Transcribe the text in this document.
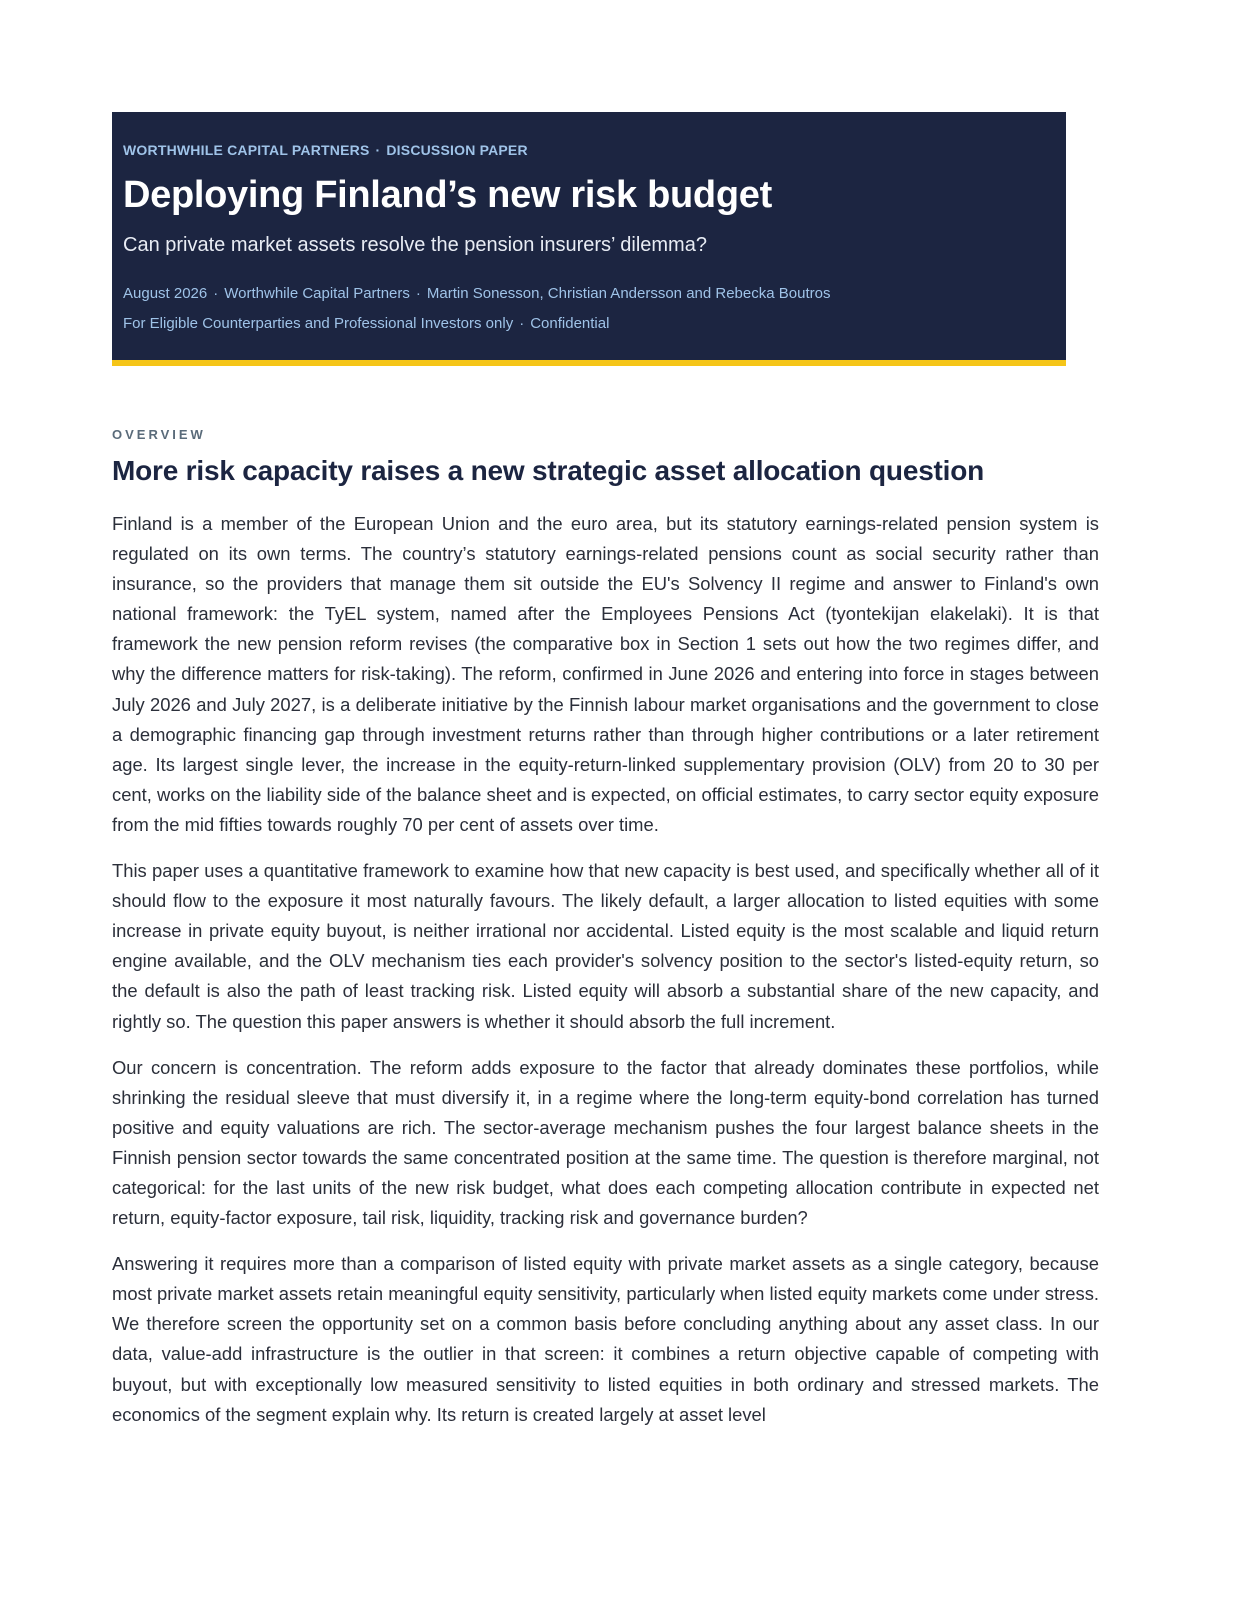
WORTHWHILE CAPITAL PARTNERS · DISCUSSION PAPER
Deploying Finland’s new risk budget
Can private market assets resolve the pension insurers’ dilemma?
August 2026 · Worthwhile Capital Partners · Martin Sonesson, Christian Andersson and Rebecka Boutros
For Eligible Counterparties and Professional Investors only · Confidential
OVERVIEW
More risk capacity raises a new strategic asset allocation question

Finland is a member of the European Union and the euro area, but its statutory earnings-related pension system is regulated on its own terms. The country’s statutory earnings-related pensions count as social security rather than insurance, so the providers that manage them sit outside the EU's Solvency II regime and answer to Finland's own national framework: the TyEL system, named after the Employees Pensions Act (tyontekijan elakelaki). It is that framework the new pension reform revises (the comparative box in Section 1 sets out how the two regimes differ, and why the difference matters for risk-taking). The reform, confirmed in June 2026 and entering into force in stages between July 2026 and July 2027, is a deliberate initiative by the Finnish labour market organisations and the government to close a demographic financing gap through investment returns rather than through higher contributions or a later retirement age. Its largest single lever, the increase in the equity-return-linked supplementary provision (OLV) from 20 to 30 per cent, works on the liability side of the balance sheet and is expected, on official estimates, to carry sector equity exposure from the mid fifties towards roughly 70 per cent of assets over time.

This paper uses a quantitative framework to examine how that new capacity is best used, and specifically whether all of it should flow to the exposure it most naturally favours. The likely default, a larger allocation to listed equities with some increase in private equity buyout, is neither irrational nor accidental. Listed equity is the most scalable and liquid return engine available, and the OLV mechanism ties each provider's solvency position to the sector's listed-equity return, so the default is also the path of least tracking risk. Listed equity will absorb a substantial share of the new capacity, and rightly so. The question this paper answers is whether it should absorb the full increment.

Our concern is concentration. The reform adds exposure to the factor that already dominates these portfolios, while shrinking the residual sleeve that must diversify it, in a regime where the long-term equity-bond correlation has turned positive and equity valuations are rich. The sector-average mechanism pushes the four largest balance sheets in the Finnish pension sector towards the same concentrated position at the same time. The question is therefore marginal, not categorical: for the last units of the new risk budget, what does each competing allocation contribute in expected net return, equity-factor exposure, tail risk, liquidity, tracking risk and governance burden?

Answering it requires more than a comparison of listed equity with private market assets as a single category, because most private market assets retain meaningful equity sensitivity, particularly when listed equity markets come under stress. We therefore screen the opportunity set on a common basis before concluding anything about any asset class. In our data, value-add infrastructure is the outlier in that screen: it combines a return objective capable of competing with buyout, but with exceptionally low measured sensitivity to listed equities in both ordinary and stressed markets. The economics of the segment explain why. Its return is created largely at asset level
